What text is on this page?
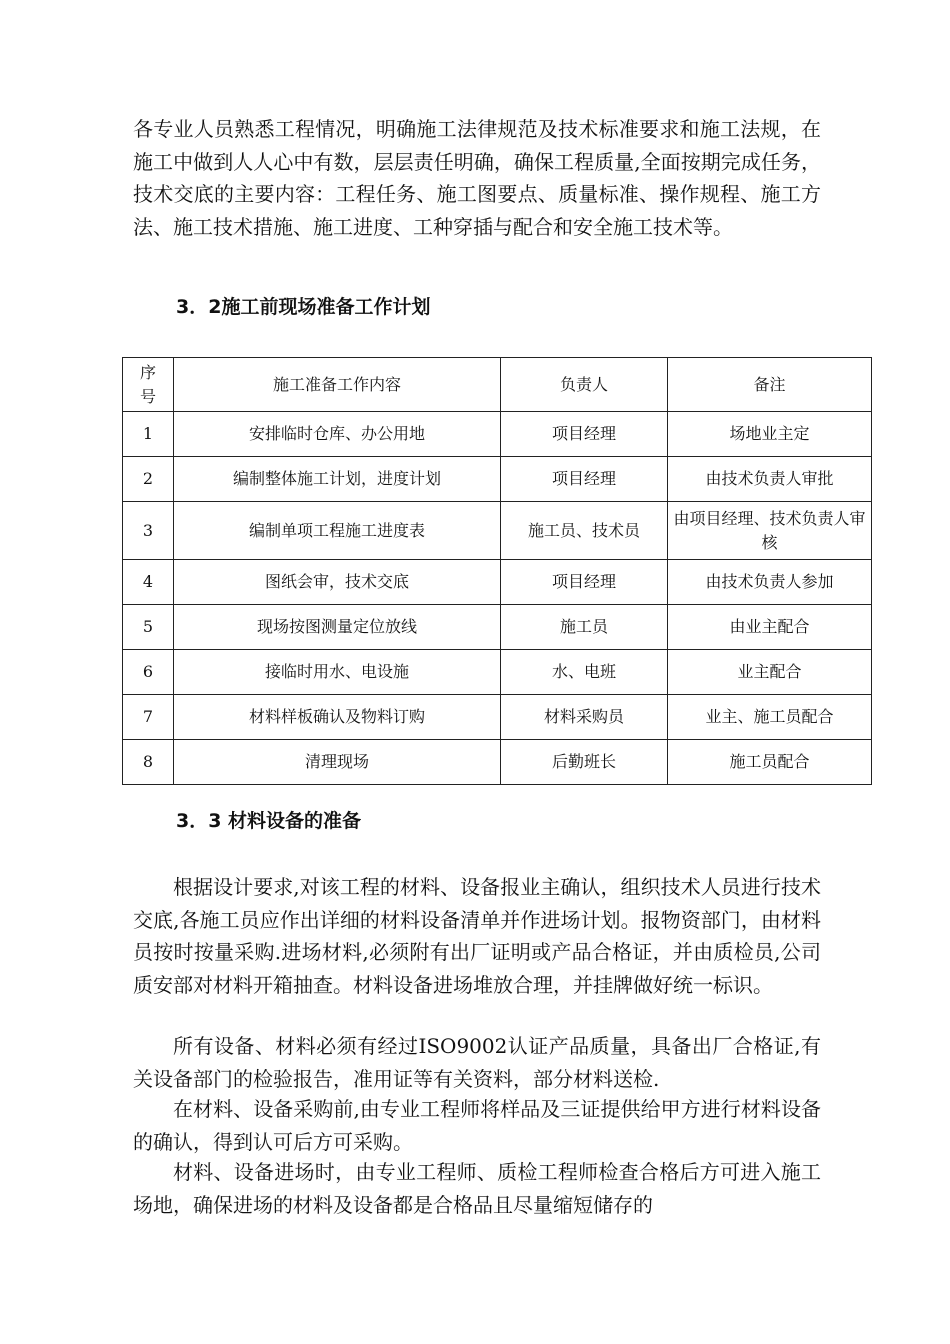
各专业人员熟悉工程情况，明确施工法律规范及技术标准要求和施工法规，在施工中做到人人心中有数，层层责任明确，确保工程质量,全面按期完成任务，技术交底的主要内容：工程任务、施工图要点、质量标准、操作规程、施工方法、施工技术措施、施工进度、工种穿插与配合和安全施工技术等。

3．2施工前现场准备工作计划
序号	施工准备工作内容	负责人	备注
1	安排临时仓库、办公用地	项目经理	场地业主定
2	编制整体施工计划，进度计划	项目经理	由技术负责人审批
3	编制单项工程施工进度表	施工员、技术员	由项目经理、技术负责人审核
4	图纸会审，技术交底	项目经理	由技术负责人参加
5	现场按图测量定位放线	施工员	由业主配合
6	接临时用水、电设施	水、电班	业主配合
7	材料样板确认及物料订购	材料采购员	业主、施工员配合
8	清理现场	后勤班长	施工员配合
3．3 材料设备的准备

根据设计要求,对该工程的材料、设备报业主确认，组织技术人员进行技术交底,各施工员应作出详细的材料设备清单并作进场计划。报物资部门，由材料员按时按量采购.进场材料,必须附有出厂证明或产品合格证，并由质检员,公司质安部对材料开箱抽查。材料设备进场堆放合理，并挂牌做好统一标识。

所有设备、材料必须有经过ISO9002认证产品质量，具备出厂合格证,有关设备部门的检验报告，准用证等有关资料，部分材料送检.

在材料、设备采购前,由专业工程师将样品及三证提供给甲方进行材料设备的确认，得到认可后方可采购。

材料、设备进场时，由专业工程师、质检工程师检查合格后方可进入施工场地，确保进场的材料及设备都是合格品且尽量缩短储存的
